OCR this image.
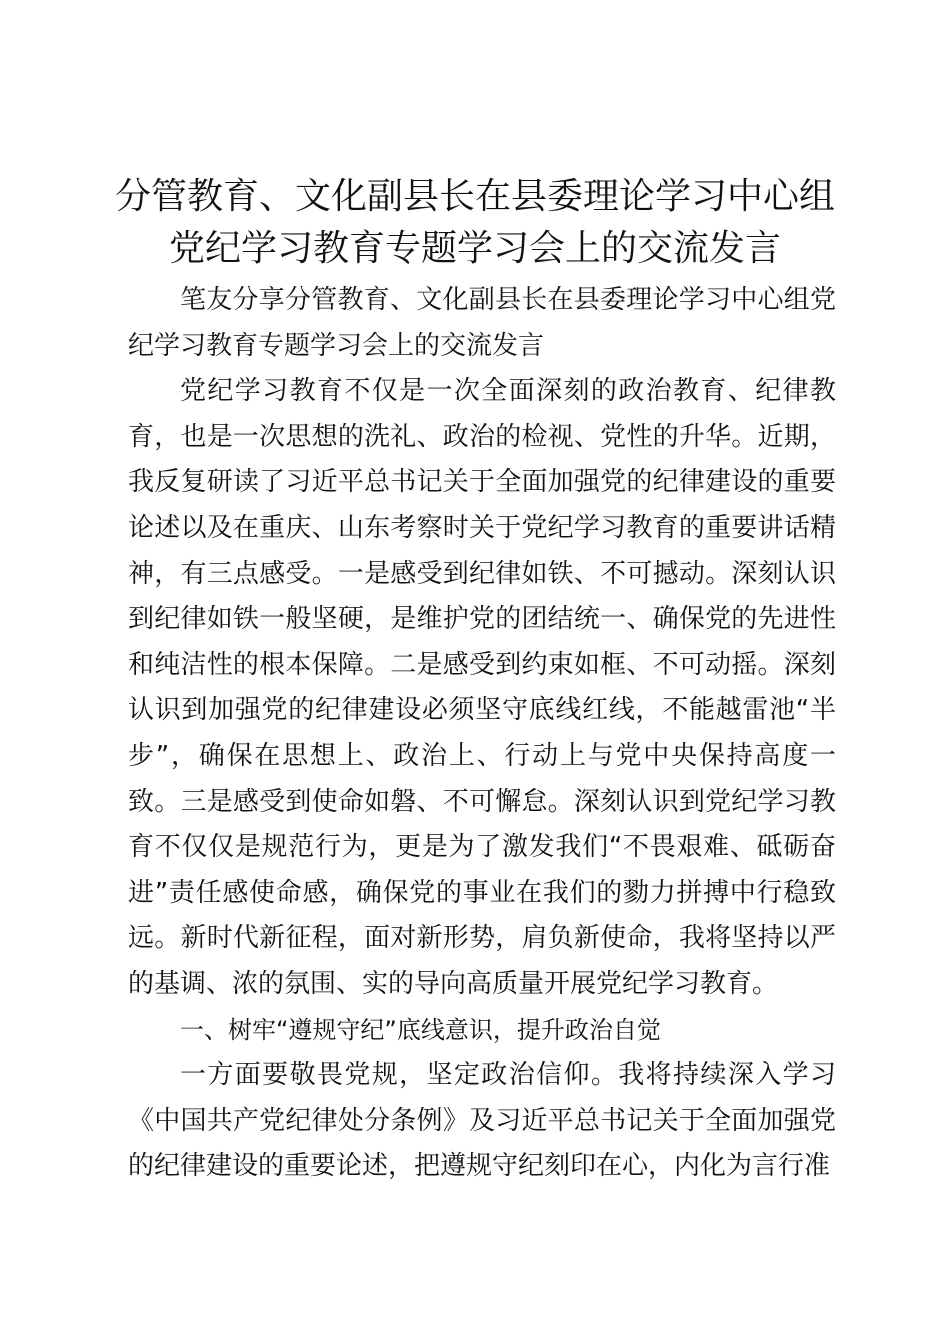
分管教育、文化副县长在县委理论学习中心组
党纪学习教育专题学习会上的交流发言

笔友分享分管教育、文化副县长在县委理论学习中心组党纪学习教育专题学习会上的交流发言

党纪学习教育不仅是一次全面深刻的政治教育、纪律教育，也是一次思想的洗礼、政治的检视、党性的升华。近期，我反复研读了习近平总书记关于全面加强党的纪律建设的重要论述以及在重庆、山东考察时关于党纪学习教育的重要讲话精神，有三点感受。一是感受到纪律如铁、不可撼动。深刻认识到纪律如铁一般坚硬，是维护党的团结统一、确保党的先进性和纯洁性的根本保障。二是感受到约束如框、不可动摇。深刻认识到加强党的纪律建设必须坚守底线红线，不能越雷池“半步”，确保在思想上、政治上、行动上与党中央保持高度一致。三是感受到使命如磐、不可懈怠。深刻认识到党纪学习教育不仅仅是规范行为，更是为了激发我们“不畏艰难、砥砺奋进”责任感使命感，确保党的事业在我们的勠力拼搏中行稳致远。新时代新征程，面对新形势，肩负新使命，我将坚持以严的基调、浓的氛围、实的导向高质量开展党纪学习教育。

一、树牢“遵规守纪”底线意识，提升政治自觉

一方面要敬畏党规，坚定政治信仰。我将持续深入学习《中国共产党纪律处分条例》及习近平总书记关于全面加强党的纪律建设的重要论述，把遵规守纪刻印在心，内化为言行准
